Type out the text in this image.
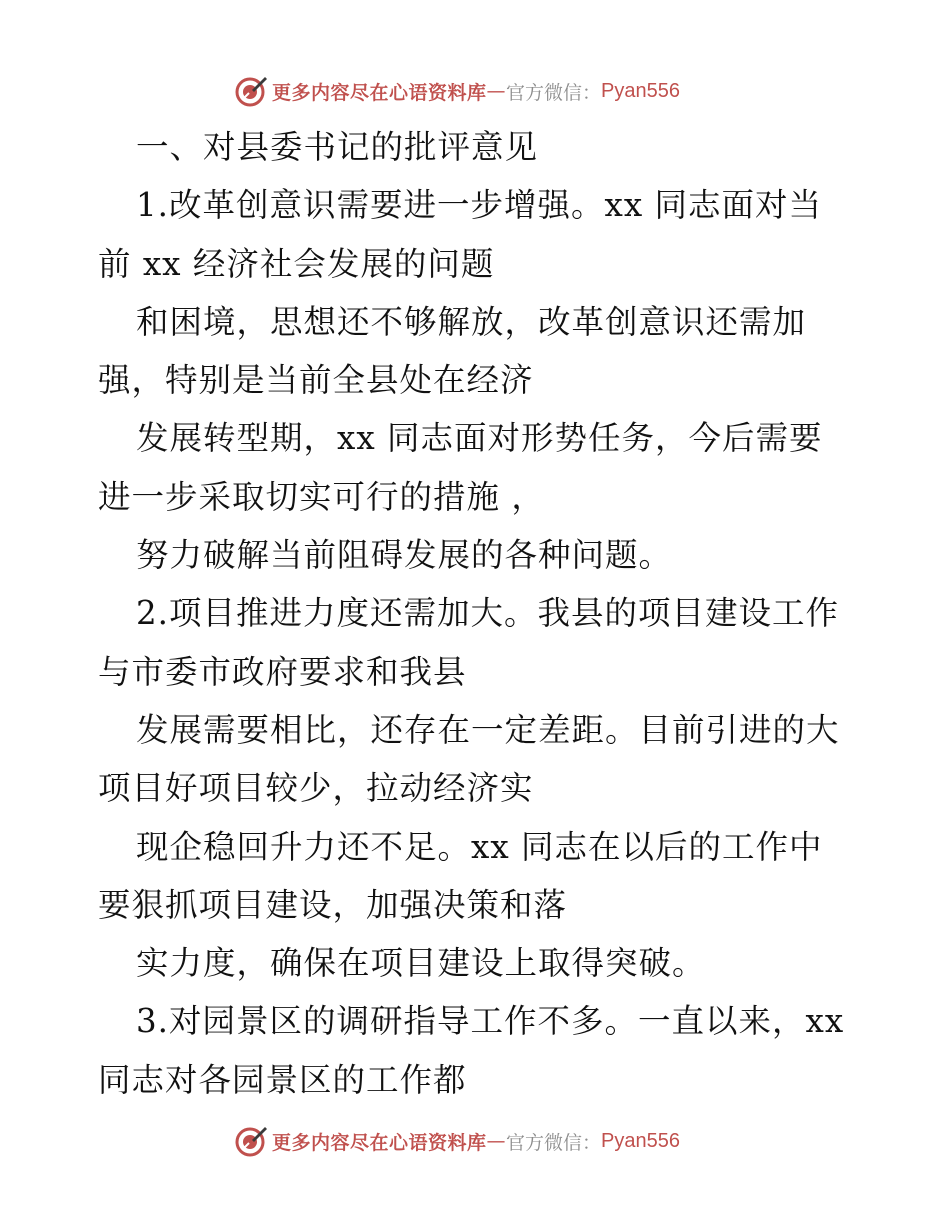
更多内容尽在心语资料库 — 官方微信： Pyan556
一、对县委书记的批评意见
1.改革创意识需要进一步增强。xx 同志面对当
前 xx 经济社会发展的问题
和困境，思想还不够解放，改革创意识还需加
强，特别是当前全县处在经济
发展转型期，xx 同志面对形势任务，今后需要
进一步采取切实可行的措施 ，
努力破解当前阻碍发展的各种问题。
2.项目推进力度还需加大。我县的项目建设工作
与市委市政府要求和我县
发展需要相比，还存在一定差距。目前引进的大
项目好项目较少，拉动经济实
现企稳回升力还不足。xx 同志在以后的工作中
要狠抓项目建设，加强决策和落
实力度，确保在项目建设上取得突破。
3.对园景区的调研指导工作不多。一直以来，xx
同志对各园景区的工作都
更多内容尽在心语资料库 — 官方微信： Pyan556
